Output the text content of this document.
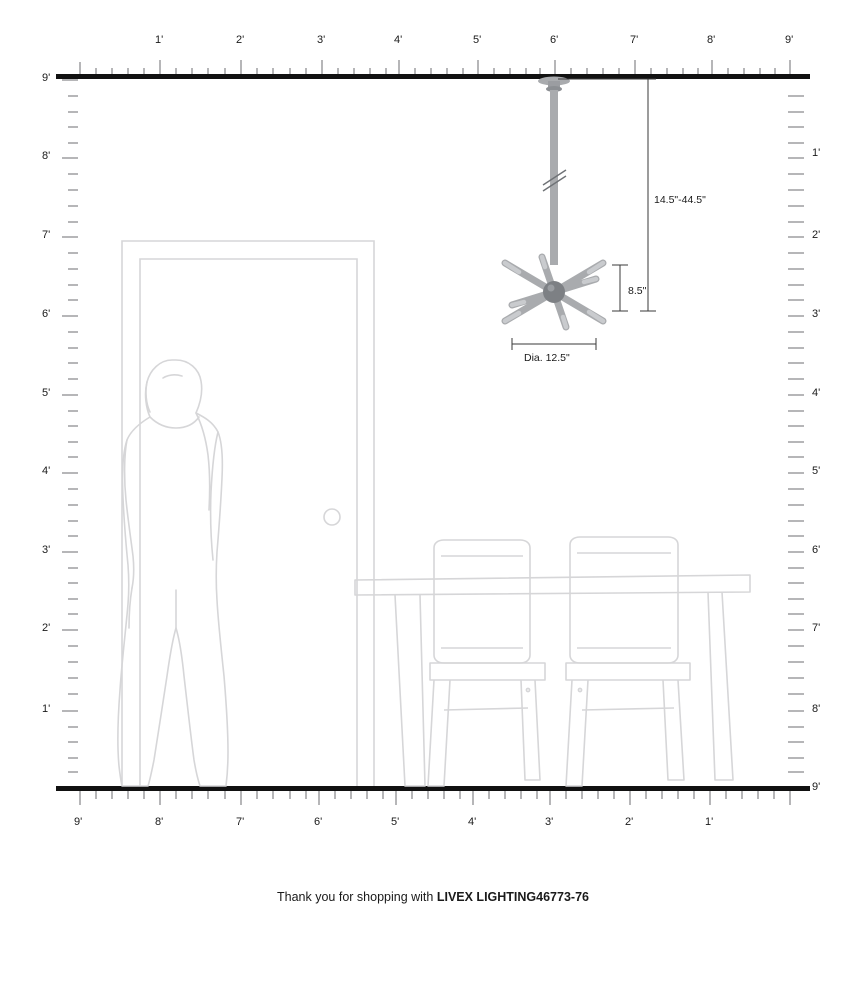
1'	2'	3'	4'	5'	6'	7'	8'	9'
9'
8'
7'
6'
5'
4'
3'
2'
1'
1'
2'
3'
4'
5'
6'
7'
8'
9'
9'	8'	7'	6'	5'	4'	3'	2'	1'
14.5"-44.5"
8.5"
Dia. 12.5"
Thank you for shopping with LIVEX LIGHTING46773-76
